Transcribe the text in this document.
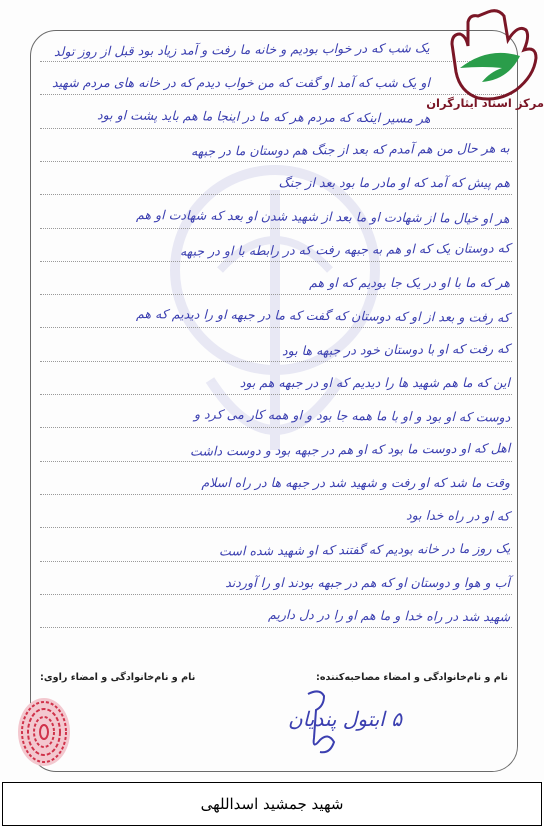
یک شب که در خواب بودیم و خانه ما رفت و آمد زیاد بود قبل از روز تولد
او یک شب که آمد او گفت که من خواب دیدم که در خانه های مردم شهید
هر مسیر اینکه که مردم هر که ما در اینجا ما هم باید پشت او بود
به هر حال من هم آمدم که بعد از جنگ هم دوستان ما در جبهه
هم پیش که آمد که او مادر ما بود بعد از جنگ
هر او خیال ما از شهادت او ما بعد از شهید شدن او بعد که شهادت او هم
که دوستان یک که او هم به جبهه رفت که در رابطه با او در جبهه
هر که ما با او در یک جا بودیم که او هم
که رفت و بعد از او که دوستان که گفت که ما در جبهه او را دیدیم که هم
که رفت که او با دوستان خود در جبهه ها بود
این که ما هم شهید ها را دیدیم که او در جبهه هم بود
دوست که او بود و او با ما همه جا بود و او همه کار می کرد و
اهل که او دوست ما بود که او هم در جبهه بود و دوست داشت
وقت ما شد که او رفت و شهید شد در جبهه ها در راه اسلام
که او در راه خدا بود
یک روز ما در خانه بودیم که گفتند که او شهید شده است
آب و هوا و دوستان او که هم در جبهه بودند او را آوردند
شهید شد در راه خدا و ما هم او را در دل داریم
مرکز اسناد ایثارگران
نام و نام‌خانوادگی و امضاء مصاحبه‌کننده:
نام و نام‌خانوادگی و امضاء راوی:
۵ ابتول پندیان
شهید جمشید اسداللهی
